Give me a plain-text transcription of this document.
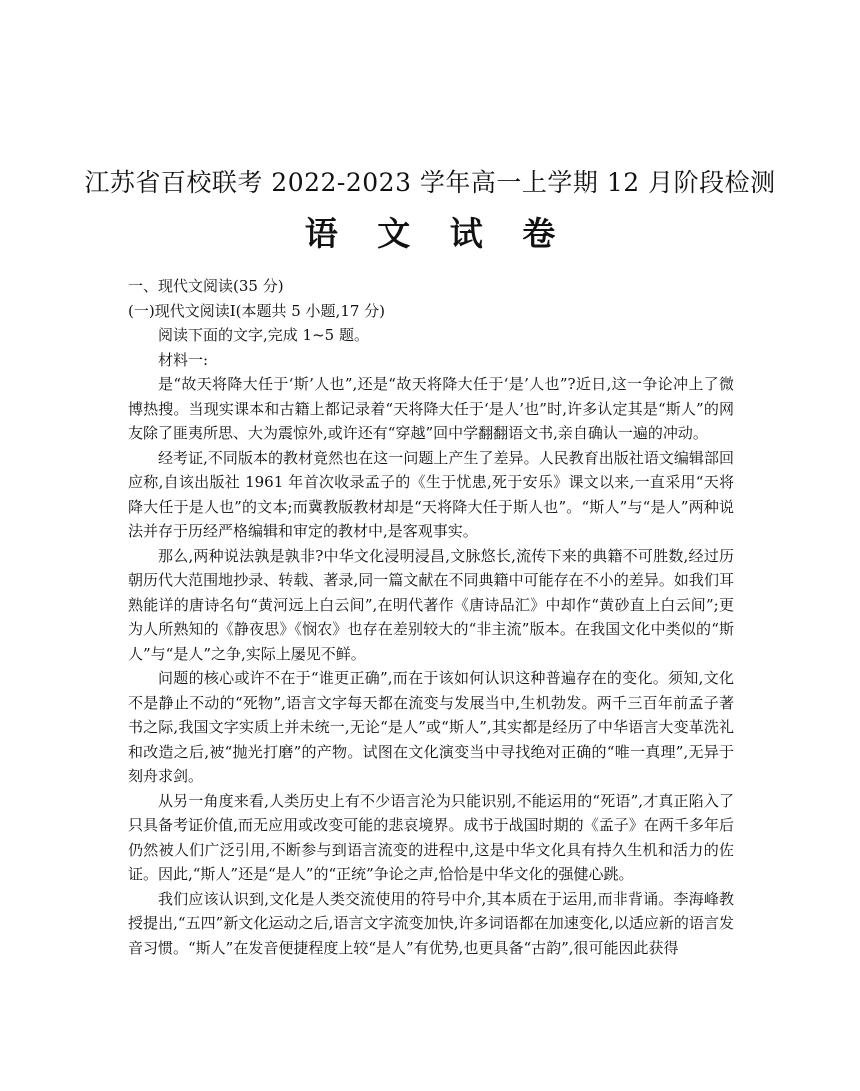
江苏省百校联考 2022-2023 学年高一上学期 12 月阶段检测
语 文 试 卷

一、现代文阅读(35 分)

(一)现代文阅读Ⅰ(本题共 5 小题,17 分)

阅读下面的文字,完成 1~5 题。

材料一:

是“故天将降大任于‘斯’人也”,还是“故天将降大任于‘是’人也”?近日,这一争论冲上了微博热搜。当现实课本和古籍上都记录着“天将降大任于‘是人’也”时,许多认定其是“斯人”的网友除了匪夷所思、大为震惊外,或许还有“穿越”回中学翻翻语文书,亲自确认一遍的冲动。

经考证,不同版本的教材竟然也在这一问题上产生了差异。人民教育出版社语文编辑部回应称,自该出版社 1961 年首次收录孟子的《生于忧患,死于安乐》课文以来,一直采用“天将降大任于是人也”的文本;而冀教版教材却是“天将降大任于斯人也”。“斯人”与“是人”两种说法并存于历经严格编辑和审定的教材中,是客观事实。

那么,两种说法孰是孰非?中华文化浸明浸昌,文脉悠长,流传下来的典籍不可胜数,经过历朝历代大范围地抄录、转载、著录,同一篇文献在不同典籍中可能存在不小的差异。如我们耳熟能详的唐诗名句“黄河远上白云间”,在明代著作《唐诗品汇》中却作“黄砂直上白云间”;更为人所熟知的《静夜思》《悯农》也存在差别较大的“非主流”版本。在我国文化中类似的“斯人”与“是人”之争,实际上屡见不鲜。

问题的核心或许不在于“谁更正确”,而在于该如何认识这种普遍存在的变化。须知,文化不是静止不动的“死物”,语言文字每天都在流变与发展当中,生机勃发。两千三百年前孟子著书之际,我国文字实质上并未统一,无论“是人”或“斯人”,其实都是经历了中华语言大变革洗礼和改造之后,被“抛光打磨”的产物。试图在文化演变当中寻找绝对正确的“唯一真理”,无异于刻舟求剑。

从另一角度来看,人类历史上有不少语言沦为只能识别,不能运用的“死语”,才真正陷入了只具备考证价值,而无应用或改变可能的悲哀境界。成书于战国时期的《孟子》在两千多年后仍然被人们广泛引用,不断参与到语言流变的进程中,这是中华文化具有持久生机和活力的佐证。因此,“斯人”还是“是人”的“正统”争论之声,恰恰是中华文化的强健心跳。

我们应该认识到,文化是人类交流使用的符号中介,其本质在于运用,而非背诵。李海峰教授提出,“五四”新文化运动之后,语言文字流变加快,许多词语都在加速变化,以适应新的语言发音习惯。“斯人”在发音便捷程度上较“是人”有优势,也更具备“古韵”,很可能因此获得
